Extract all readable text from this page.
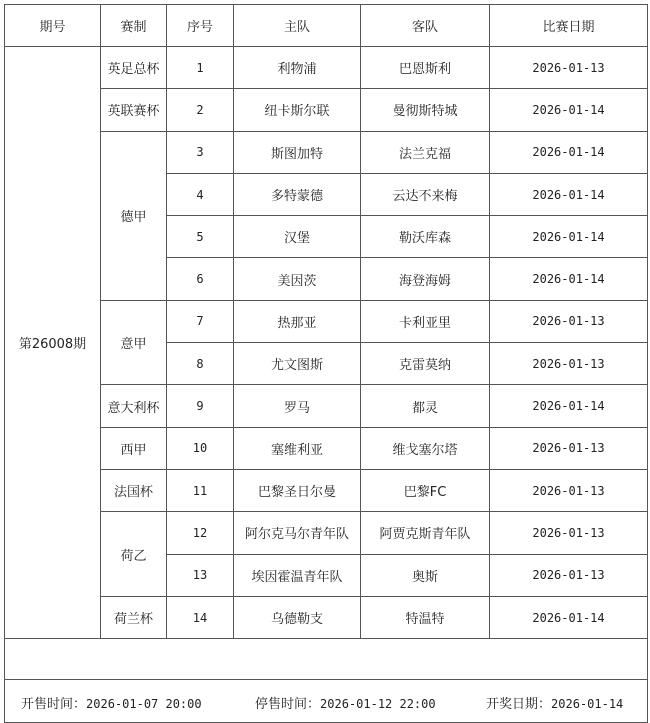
期号	赛制	序号	主队	客队	比赛日期
第26008期	英足总杯	1	利物浦	巴恩斯利	2026-01-13
	英联赛杯	2	纽卡斯尔联	曼彻斯特城	2026-01-14
	德甲	3	斯图加特	法兰克福	2026-01-14
		4	多特蒙德	云达不来梅	2026-01-14
		5	汉堡	勒沃库森	2026-01-14
		6	美因茨	海登海姆	2026-01-14
	意甲	7	热那亚	卡利亚里	2026-01-13
		8	尤文图斯	克雷莫纳	2026-01-13
	意大利杯	9	罗马	都灵	2026-01-14
	西甲	10	塞维利亚	维戈塞尔塔	2026-01-13
	法国杯	11	巴黎圣日尔曼	巴黎FC	2026-01-13
	荷乙	12	阿尔克马尔青年队	阿贾克斯青年队	2026-01-13
		13	埃因霍温青年队	奥斯	2026-01-13
	荷兰杯	14	乌德勒支	特温特	2026-01-14

开售时间：2026-01-07 20:00 停售时间：2026-01-12 22:00 开奖日期：2026-01-14					
